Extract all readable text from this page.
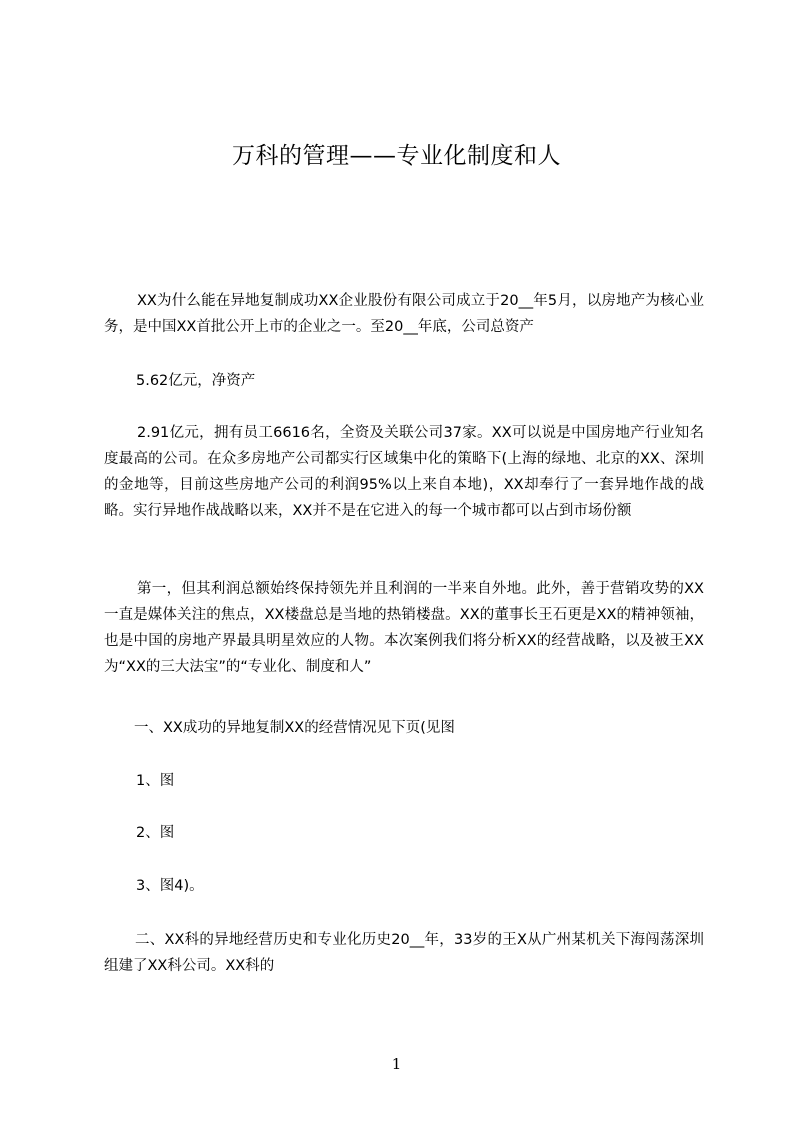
万科的管理——专业化制度和人

XX为什么能在异地复制成功XX企业股份有限公司成立于20__年5月，以房地产为核心业务，是中国XX首批公开上市的企业之一。至20__年底，公司总资产

5.62亿元，净资产

2.91亿元，拥有员工6616名，全资及关联公司37家。XX可以说是中国房地产行业知名度最高的公司。在众多房地产公司都实行区域集中化的策略下(上海的绿地、北京的XX、深圳的金地等，目前这些房地产公司的利润95%以上来自本地)，XX却奉行了一套异地作战的战略。实行异地作战战略以来，XX并不是在它进入的每一个城市都可以占到市场份额

第一，但其利润总额始终保持领先并且利润的一半来自外地。此外，善于营销攻势的XX一直是媒体关注的焦点，XX楼盘总是当地的热销楼盘。XX的董事长王石更是XX的精神领袖，也是中国的房地产界最具明星效应的人物。本次案例我们将分析XX的经营战略，以及被王XX为“XX的三大法宝”的“专业化、制度和人”

一、XX成功的异地复制XX的经营情况见下页(见图

1、图

2、图

3、图4)。

二、XX科的异地经营历史和专业化历史20__年，33岁的王X从广州某机关下海闯荡深圳组建了XX科公司。XX科的

1
